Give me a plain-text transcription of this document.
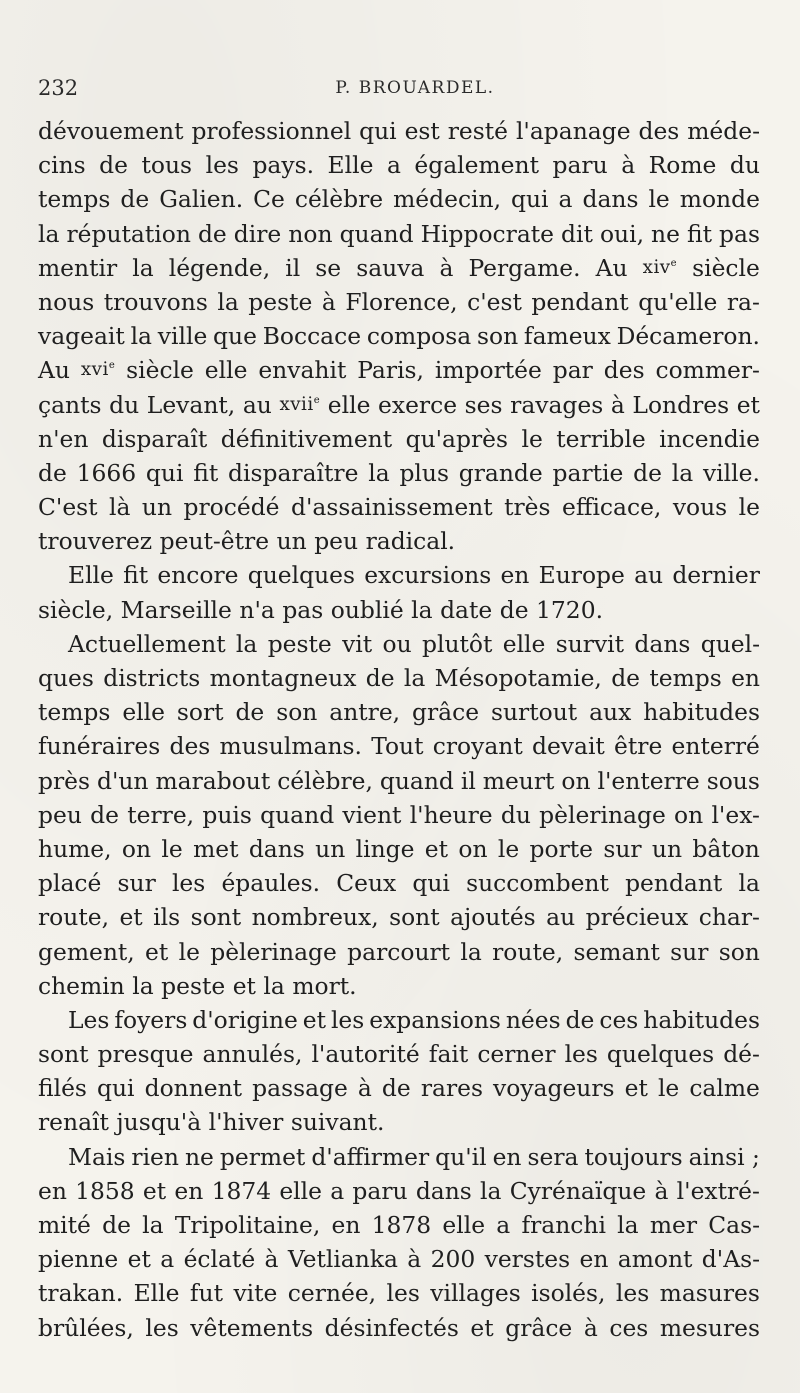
232	P. BROUARDEL.
dévouement professionnel qui est resté l'apanage des méde-
cins de tous les pays. Elle a également paru à Rome du
temps de Galien. Ce célèbre médecin, qui a dans le monde
la réputation de dire non quand Hippocrate dit oui, ne fit pas
mentir la légende, il se sauva à Pergame. Au xiv$^e$ siècle
nous trouvons la peste à Florence, c'est pendant qu'elle ra-
vageait la ville que Boccace composa son fameux Décameron.
Au xvi$^e$ siècle elle envahit Paris, importée par des commer-
çants du Levant, au xvii$^e$ elle exerce ses ravages à Londres et
n'en disparaît définitivement qu'après le terrible incendie
de 1666 qui fit disparaître la plus grande partie de la ville.
C'est là un procédé d'assainissement très efficace, vous le
trouverez peut-être un peu radical.
Elle fit encore quelques excursions en Europe au dernier
siècle, Marseille n'a pas oublié la date de 1720.
Actuellement la peste vit ou plutôt elle survit dans quel-
ques districts montagneux de la Mésopotamie, de temps en
temps elle sort de son antre, grâce surtout aux habitudes
funéraires des musulmans. Tout croyant devait être enterré
près d'un marabout célèbre, quand il meurt on l'enterre sous
peu de terre, puis quand vient l'heure du pèlerinage on l'ex-
hume, on le met dans un linge et on le porte sur un bâton
placé sur les épaules. Ceux qui succombent pendant la
route, et ils sont nombreux, sont ajoutés au précieux char-
gement, et le pèlerinage parcourt la route, semant sur son
chemin la peste et la mort.
Les foyers d'origine et les expansions nées de ces habitudes
sont presque annulés, l'autorité fait cerner les quelques dé-
filés qui donnent passage à de rares voyageurs et le calme
renaît jusqu'à l'hiver suivant.
Mais rien ne permet d'affirmer qu'il en sera toujours ainsi ;
en 1858 et en 1874 elle a paru dans la Cyrénaïque à l'extré-
mité de la Tripolitaine, en 1878 elle a franchi la mer Cas-
pienne et a éclaté à Vetlianka à 200 verstes en amont d'As-
trakan. Elle fut vite cernée, les villages isolés, les masures
brûlées, les vêtements désinfectés et grâce à ces mesures
